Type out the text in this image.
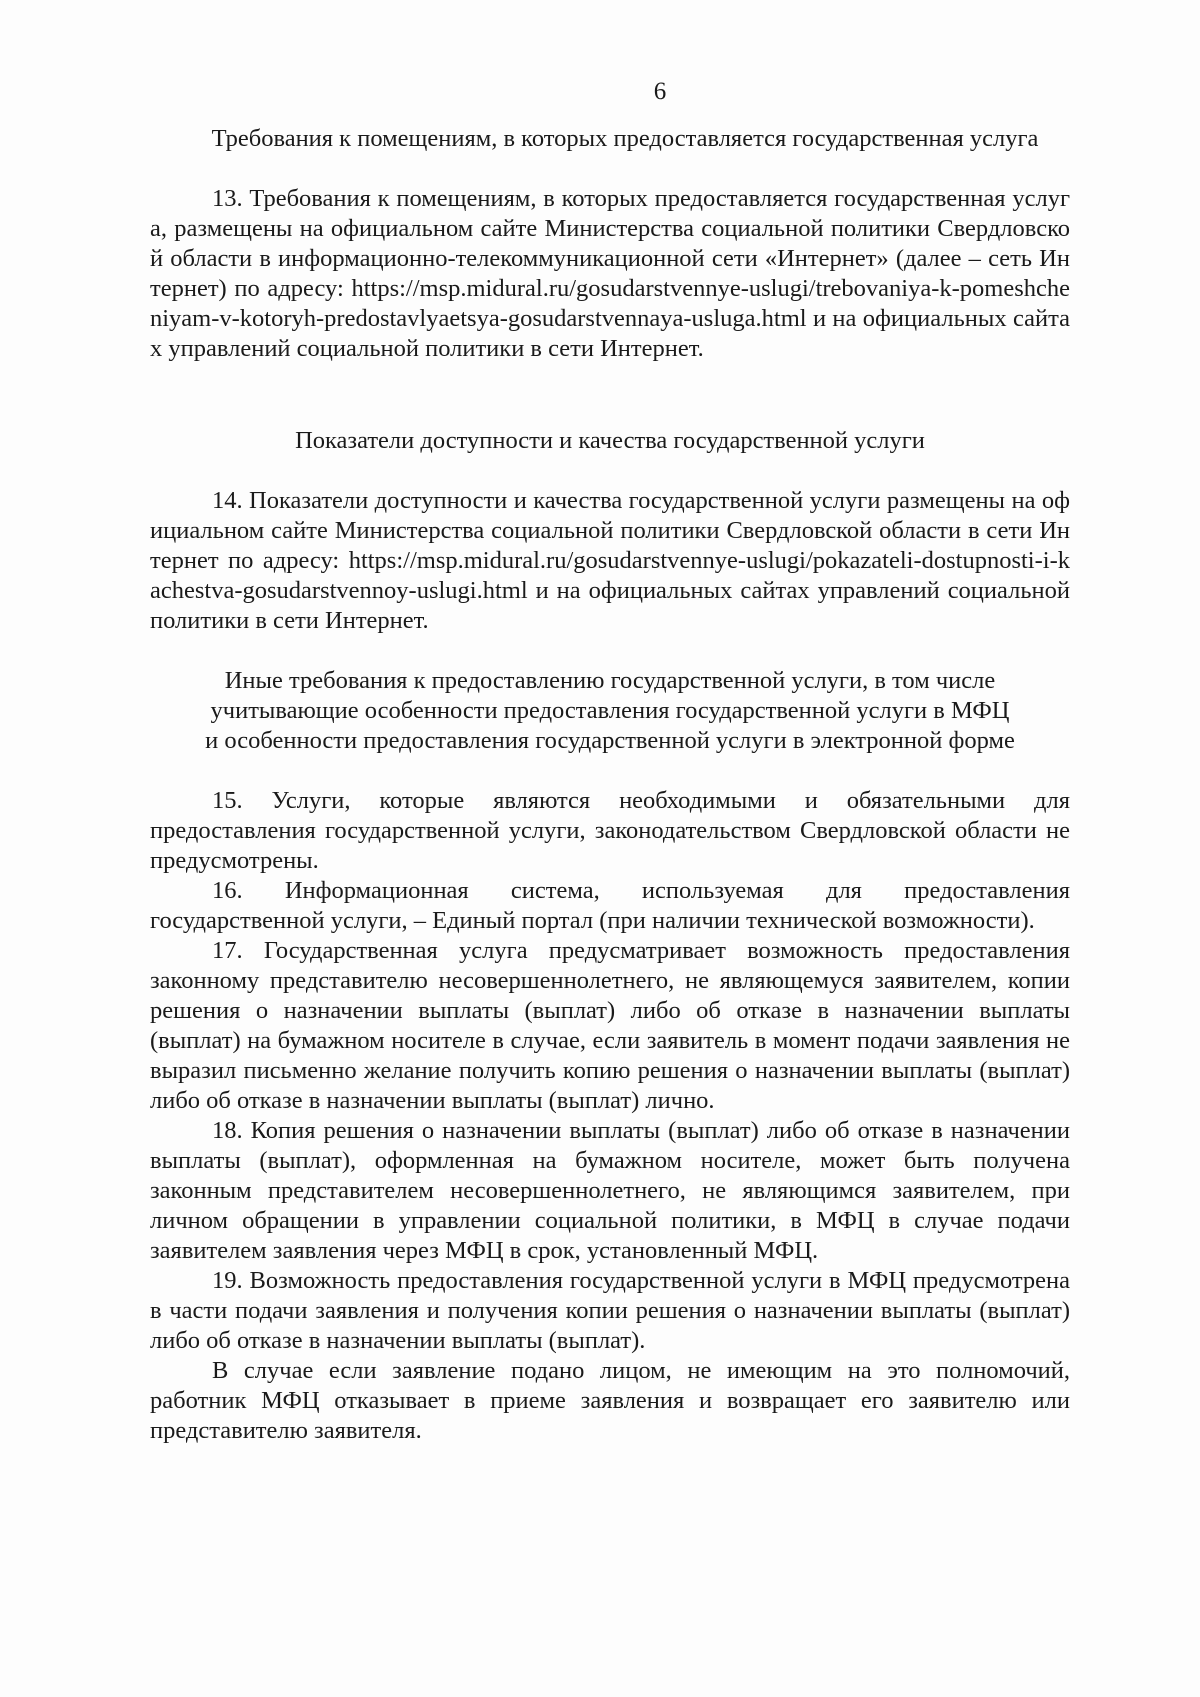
6
Требования к помещениям, в которых предоставляется государственная услуга

13. Требования к помещениям, в которых предоставляется государственная услуга, размещены на официальном сайте Министерства социальной политики Свердловской области в информационно-телекоммуникационной сети «Интернет» (далее – сеть Интернет) по адресу: https://msp.midural.ru/gosudarstvennye-uslugi/trebovaniya-k-pomeshcheniyam-v-kotoryh-predostavlyaetsya-gosudarstvennaya-usluga.html и на официальных сайтах управлений социальной политики в сети Интернет.

Показатели доступности и качества государственной услуги

14. Показатели доступности и качества государственной услуги размещены на официальном сайте Министерства социальной политики Свердловской области в сети Интернет по адресу: https://msp.midural.ru/gosudarstvennye-uslugi/pokazateli-dostupnosti-i-kachestva-gosudarstvennoy-uslugi.html и на официальных сайтах управлений социальной политики в сети Интернет.

Иные требования к предоставлению государственной услуги, в том числе
учитывающие особенности предоставления государственной услуги в МФЦ
и особенности предоставления государственной услуги в электронной форме

15. Услуги, которые являются необходимыми и обязательными для предоставления государственной услуги, законодательством Свердловской области не предусмотрены.

16. Информационная система, используемая для предоставления государственной услуги, – Единый портал (при наличии технической возможности).

17. Государственная услуга предусматривает возможность предоставления законному представителю несовершеннолетнего, не являющемуся заявителем, копии решения о назначении выплаты (выплат) либо об отказе в назначении выплаты (выплат) на бумажном носителе в случае, если заявитель в момент подачи заявления не выразил письменно желание получить копию решения о назначении выплаты (выплат) либо об отказе в назначении выплаты (выплат) лично.

18. Копия решения о назначении выплаты (выплат) либо об отказе в назначении выплаты (выплат), оформленная на бумажном носителе, может быть получена законным представителем несовершеннолетнего, не являющимся заявителем, при личном обращении в управлении социальной политики, в МФЦ в случае подачи заявителем заявления через МФЦ в срок, установленный МФЦ.

19. Возможность предоставления государственной услуги в МФЦ предусмотрена в части подачи заявления и получения копии решения о назначении выплаты (выплат) либо об отказе в назначении выплаты (выплат).

В случае если заявление подано лицом, не имеющим на это полномочий, работник МФЦ отказывает в приеме заявления и возвращает его заявителю или представителю заявителя.
